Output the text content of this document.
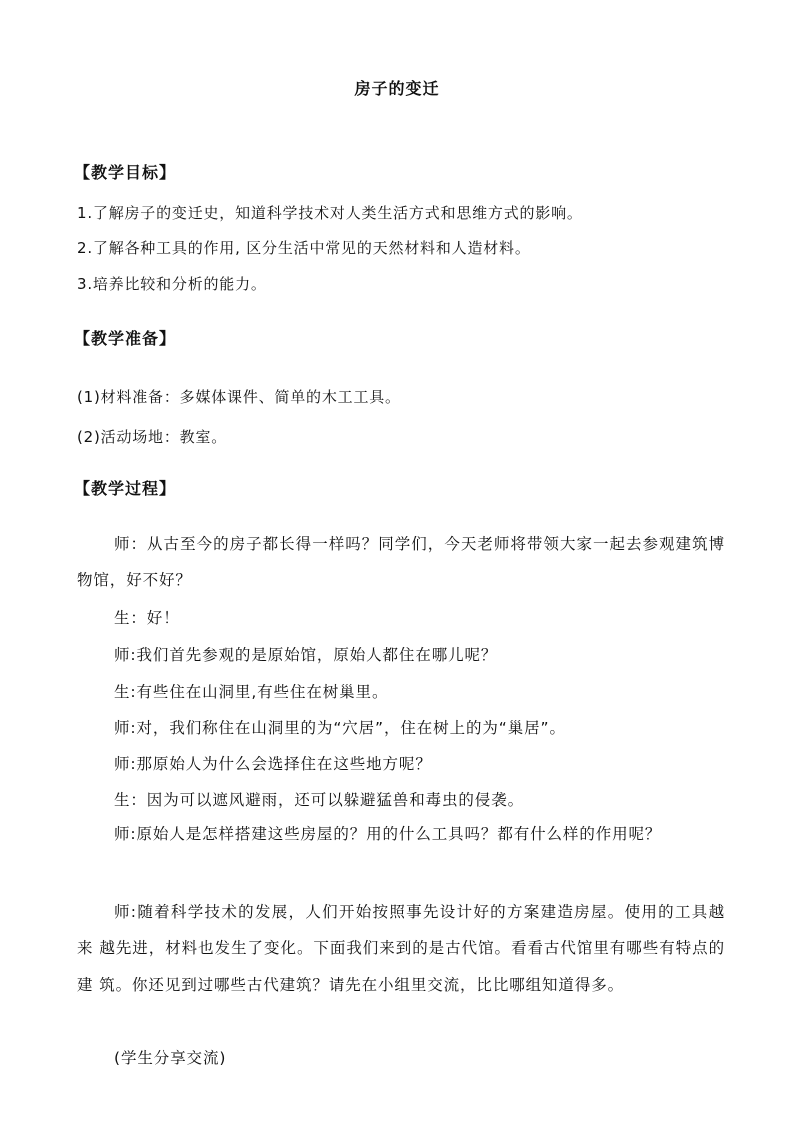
房子的变迁
【教学目标】
1.了解房子的变迁史，知道科学技术对人类生活方式和思维方式的影响。
2.了解各种工具的作用, 区分生活中常见的天然材料和人造材料。
3.培养比较和分析的能力。
【教学准备】
(1)材料准备：多媒体课件、简单的木工工具。
(2)活动场地：教室。
【教学过程】
师：从古至今的房子都长得一样吗？同学们，今天老师将带领大家一起去参观建筑博物馆，好不好？
生：好！
师:我们首先参观的是原始馆，原始人都住在哪儿呢？
生:有些住在山洞里,有些住在树巢里。
师:对，我们称住在山洞里的为“穴居”，住在树上的为“巢居”。
师:那原始人为什么会选择住在这些地方呢？
生：因为可以遮风避雨，还可以躲避猛兽和毒虫的侵袭。
师:原始人是怎样搭建这些房屋的？用的什么工具吗？都有什么样的作用呢？
师:随着科学技术的发展，人们开始按照事先设计好的方案建造房屋。使用的工具越来 越先进，材料也发生了变化。下面我们来到的是古代馆。看看古代馆里有哪些有特点的建 筑。你还见到过哪些古代建筑？请先在小组里交流，比比哪组知道得多。
(学生分享交流)
